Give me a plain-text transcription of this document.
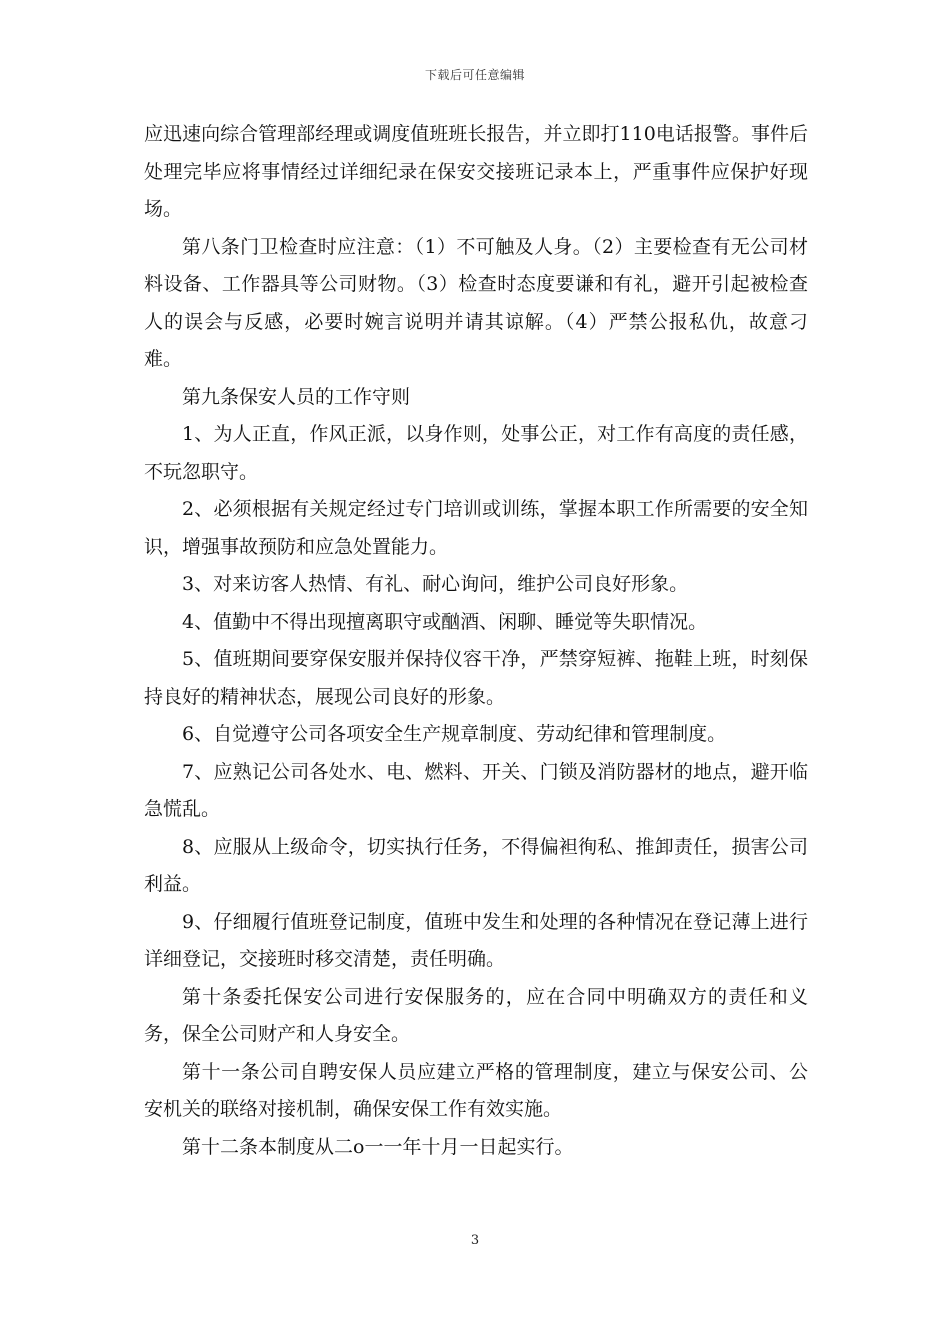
下载后可任意编辑

应迅速向综合管理部经理或调度值班班长报告，并立即打110电话报警。事件后处理完毕应将事情经过详细纪录在保安交接班记录本上，严重事件应保护好现场。

第八条门卫检查时应注意：（1）不可触及人身。（2）主要检查有无公司材料设备、工作器具等公司财物。（3）检查时态度要谦和有礼，避开引起被检查人的误会与反感，必要时婉言说明并请其谅解。（4）严禁公报私仇，故意刁难。

第九条保安人员的工作守则

1、为人正直，作风正派，以身作则，处事公正，对工作有高度的责任感，不玩忽职守。

2、必须根据有关规定经过专门培训或训练，掌握本职工作所需要的安全知识，增强事故预防和应急处置能力。

3、对来访客人热情、有礼、耐心询问，维护公司良好形象。

4、值勤中不得出现擅离职守或酗酒、闲聊、睡觉等失职情况。

5、值班期间要穿保安服并保持仪容干净，严禁穿短裤、拖鞋上班，时刻保持良好的精神状态，展现公司良好的形象。

6、自觉遵守公司各项安全生产规章制度、劳动纪律和管理制度。

7、应熟记公司各处水、电、燃料、开关、门锁及消防器材的地点，避开临急慌乱。

8、应服从上级命令，切实执行任务，不得偏袒徇私、推卸责任，损害公司利益。

9、仔细履行值班登记制度，值班中发生和处理的各种情况在登记薄上进行详细登记，交接班时移交清楚，责任明确。

第十条委托保安公司进行安保服务的，应在合同中明确双方的责任和义务，保全公司财产和人身安全。

第十一条公司自聘安保人员应建立严格的管理制度，建立与保安公司、公安机关的联络对接机制，确保安保工作有效实施。

第十二条本制度从二o一一年十月一日起实行。

3
